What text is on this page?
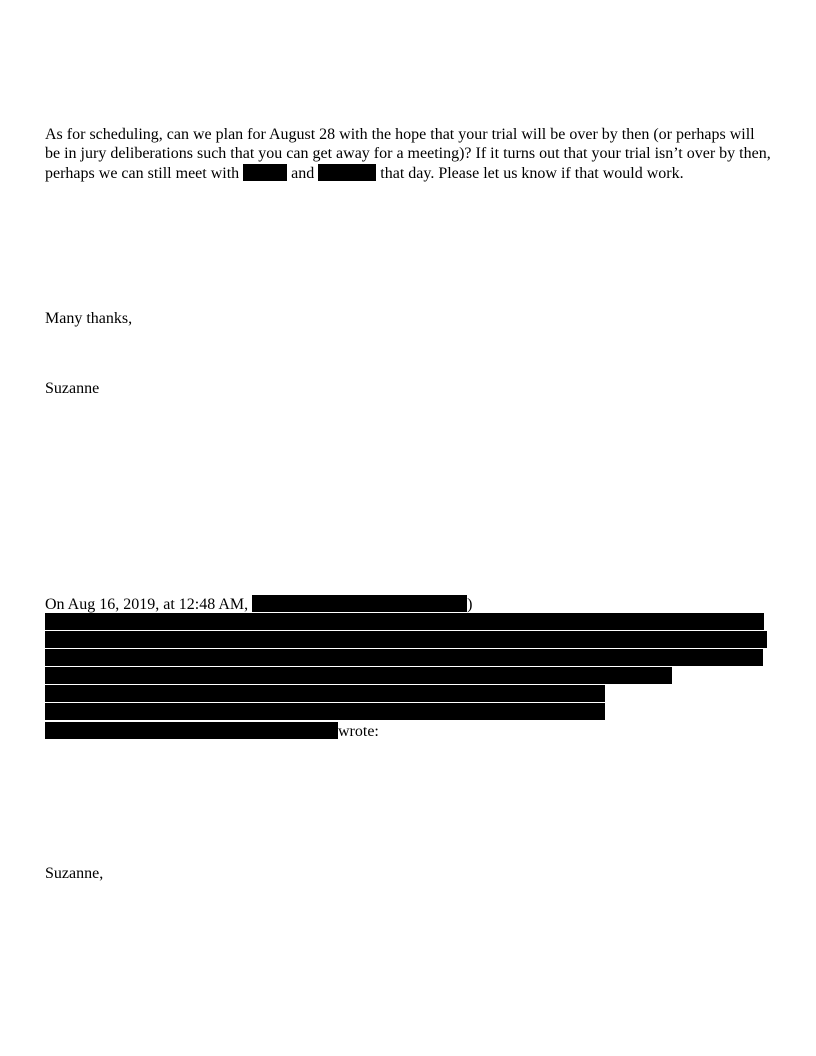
As for scheduling, can we plan for August 28 with the hope that your trial will be over by then (or perhaps will
be in jury deliberations such that you can get away for a meeting)? If it turns out that your trial isn’t over by then,
perhaps we can still meet with	and	that day. Please let us know if that would work.
Many thanks,
Suzanne
On Aug 16, 2019, at 12:48 AM,	)
wrote:
Suzanne,
